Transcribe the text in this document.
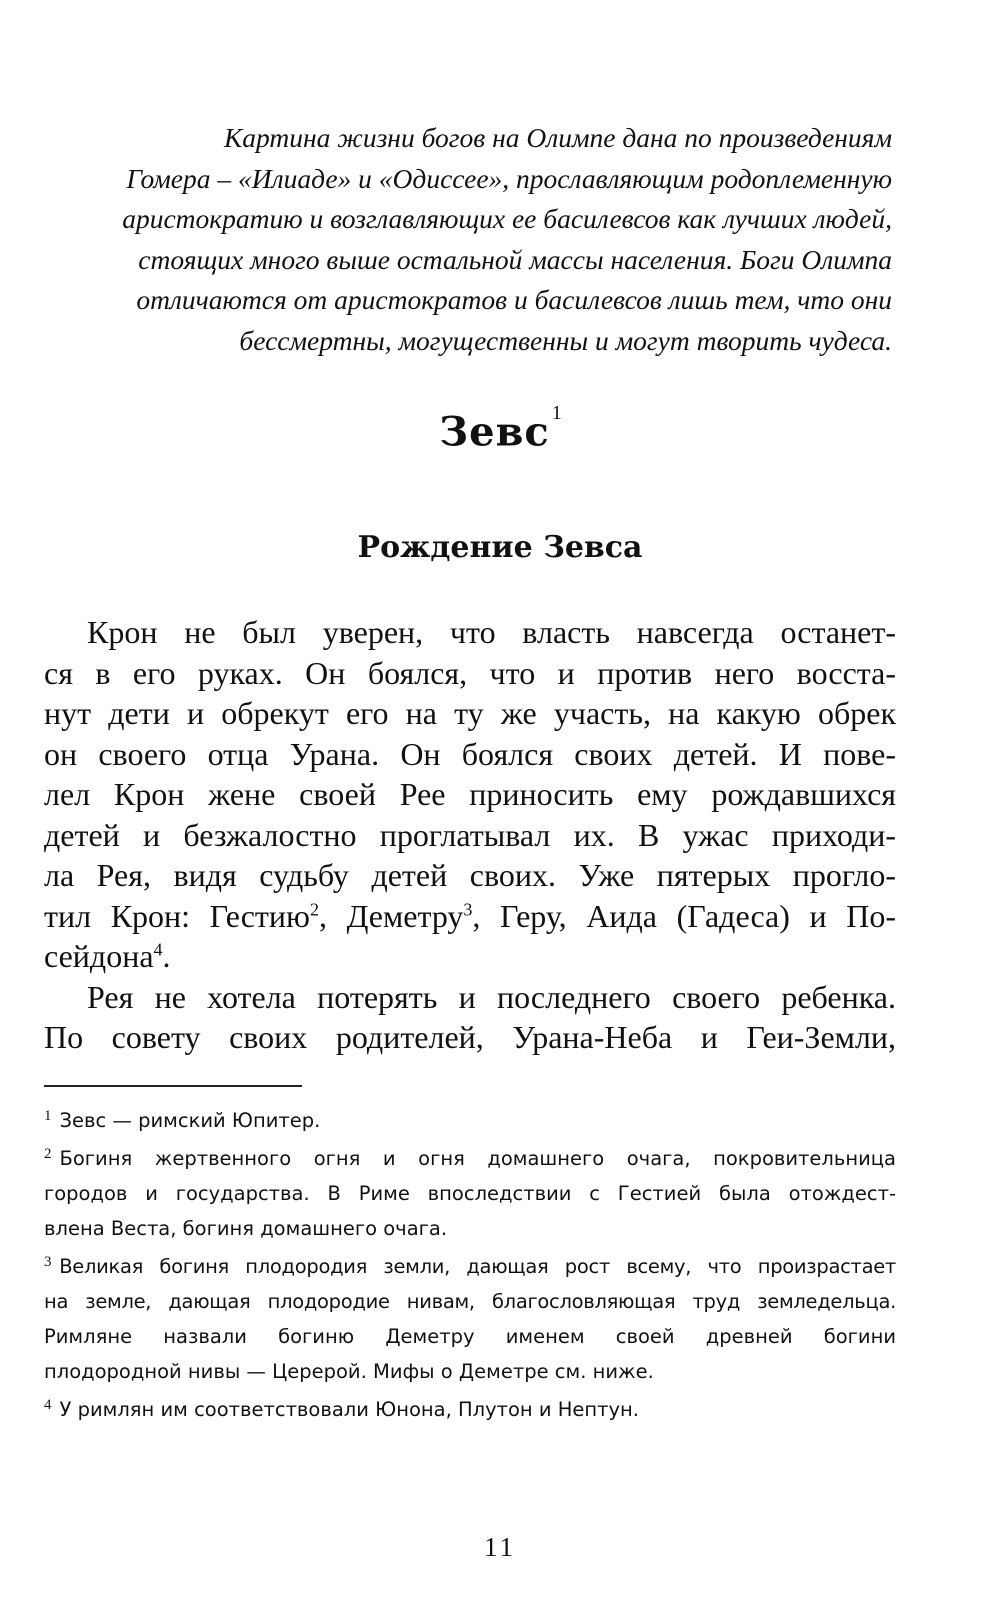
Картина жизни богов на Олимпе дана по произведениям
Гомера – «Илиаде» и «Одиссее», прославляющим родоплеменную
аристократию и возглавляющих ее басилевсов как лучших людей,
стоящих много выше остальной массы населения. Боги Олимпа
отличаются от аристократов и басилевсов лишь тем, что они
бессмертны, могущественны и могут творить чудеса.
Зевс $^1$
Рождение Зевса
Крон не был уверен, что власть навсегда останет-
ся в его руках. Он боялся, что и против него восста-
нут дети и обрекут его на ту же участь, на какую обрек
он своего отца Урана. Он боялся своих детей. И пове-
лел Крон жене своей Рее приносить ему рождавшихся
детей и безжалостно проглатывал их. В ужас приходи-
ла Рея, видя судьбу детей своих. Уже пятерых прогло-
тил Крон: Гестию$^2$, Деметру$^3$, Геру, Аида (Гадеса) и По-
сейдона$^4$.
Рея не хотела потерять и последнего своего ребенка.
По совету своих родителей, Урана-Неба и Геи-Земли,
$^1$ Зевс — римский Юпитер.
$^2$ Богиня жертвенного огня и огня домашнего очага, покровительница
городов и государства. В Риме впоследствии с Гестией была отождест-
влена Веста, богиня домашнего очага.
$^3$ Великая богиня плодородия земли, дающая рост всему, что произрастает
на земле, дающая плодородие нивам, благословляющая труд земледельца.
Римляне назвали богиню Деметру именем своей древней богини
плодородной нивы — Церерой. Мифы о Деметре см. ниже.
$^4$ У римлян им соответствовали Юнона, Плутон и Нептун.
11
